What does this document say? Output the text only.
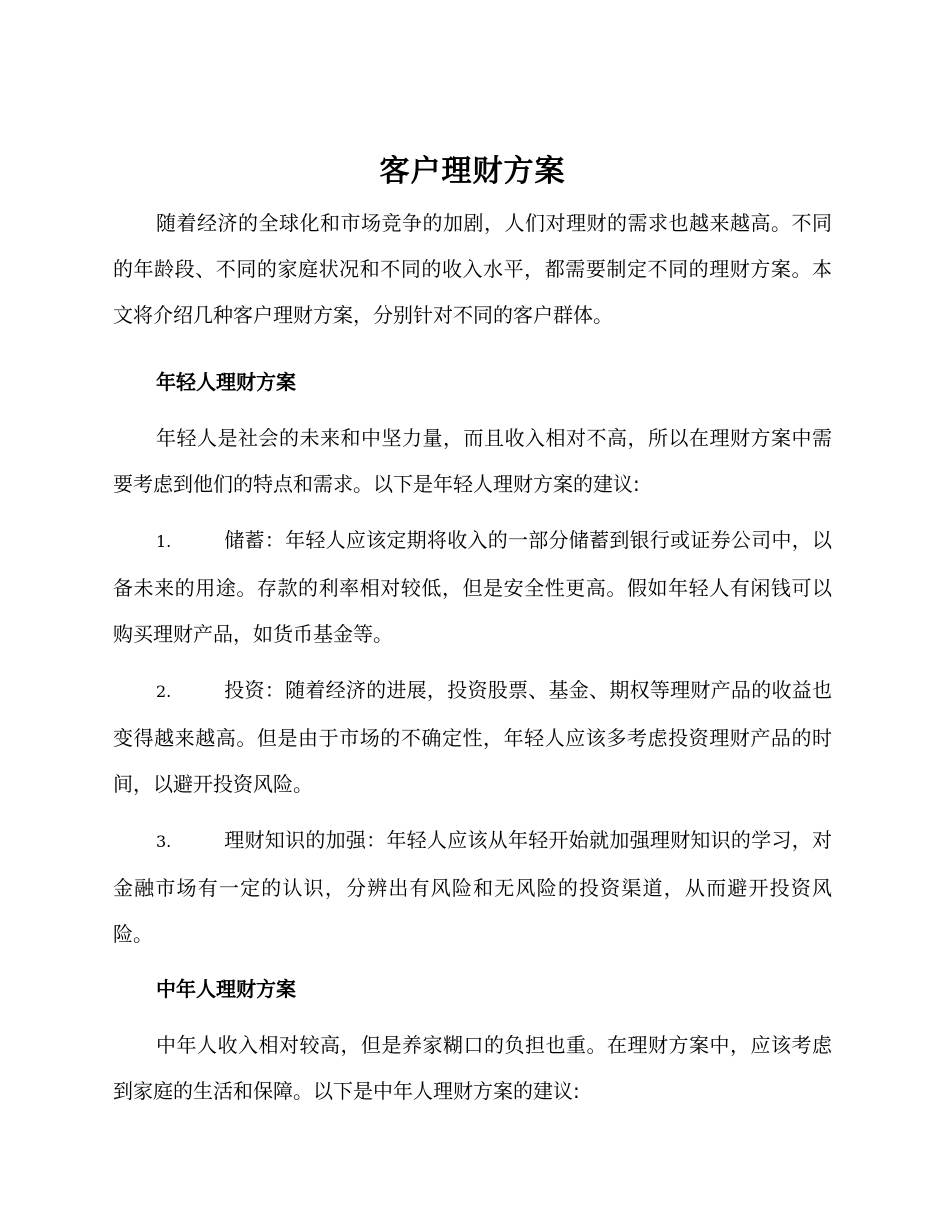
客户理财方案

随着经济的全球化和市场竞争的加剧，人们对理财的需求也越来越高。不同的年龄段、不同的家庭状况和不同的收入水平，都需要制定不同的理财方案。本文将介绍几种客户理财方案，分别针对不同的客户群体。

年轻人理财方案

年轻人是社会的未来和中坚力量，而且收入相对不高，所以在理财方案中需要考虑到他们的特点和需求。以下是年轻人理财方案的建议:

1.	储蓄：年轻人应该定期将收入的一部分储蓄到银行或证券公司中，以备未来的用途。存款的利率相对较低，但是安全性更高。假如年轻人有闲钱可以购买理财产品，如货币基金等。

2.	投资：随着经济的进展，投资股票、基金、期权等理财产品的收益也变得越来越高。但是由于市场的不确定性，年轻人应该多考虑投资理财产品的时间，以避开投资风险。

3.	理财知识的加强：年轻人应该从年轻开始就加强理财知识的学习，对金融市场有一定的认识，分辨出有风险和无风险的投资渠道，从而避开投资风险。

中年人理财方案

中年人收入相对较高，但是养家糊口的负担也重。在理财方案中，应该考虑到家庭的生活和保障。以下是中年人理财方案的建议:
